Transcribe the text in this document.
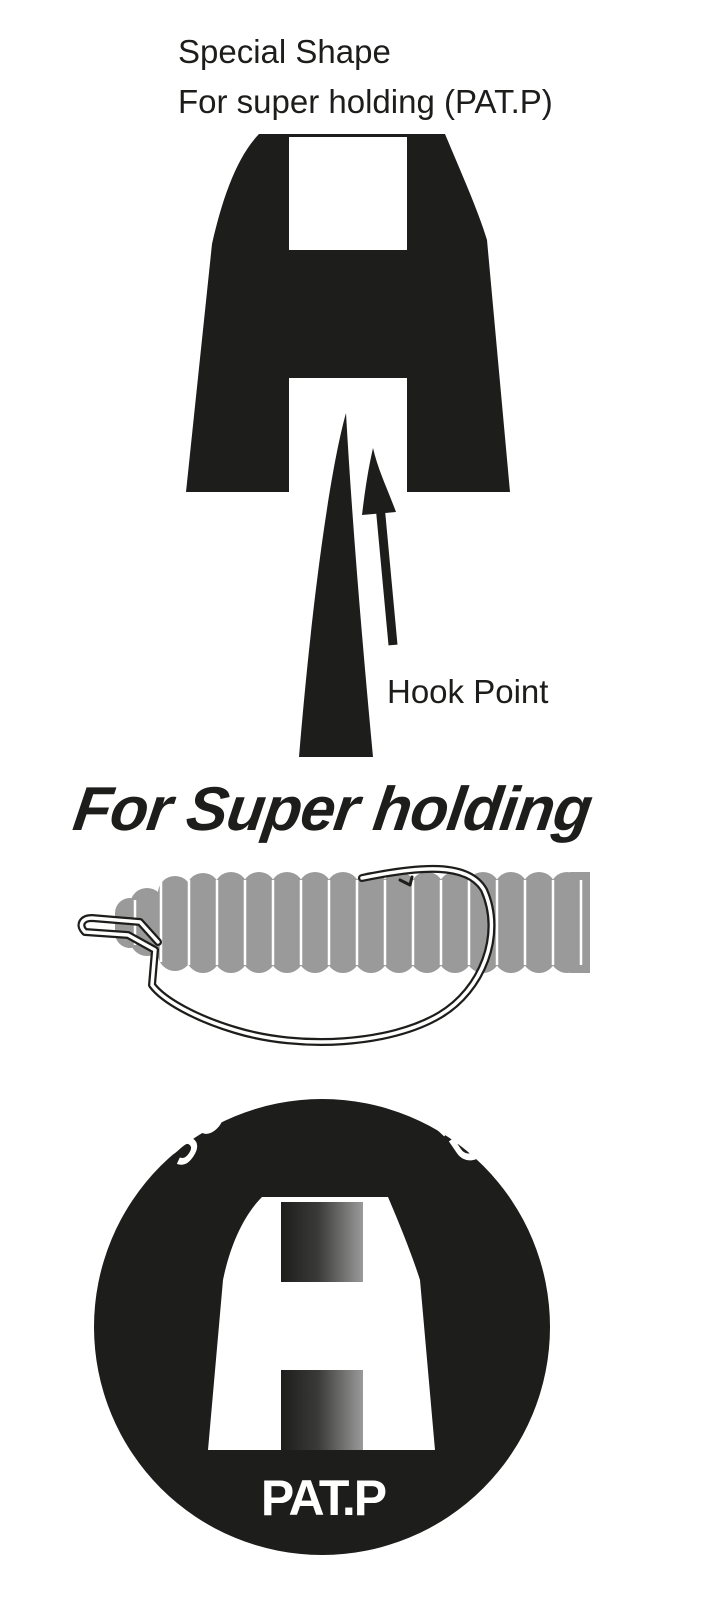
SUPER HOLD
Special Shape
For super holding (PAT.P)
Hook Point
For Super holding
PAT.P
